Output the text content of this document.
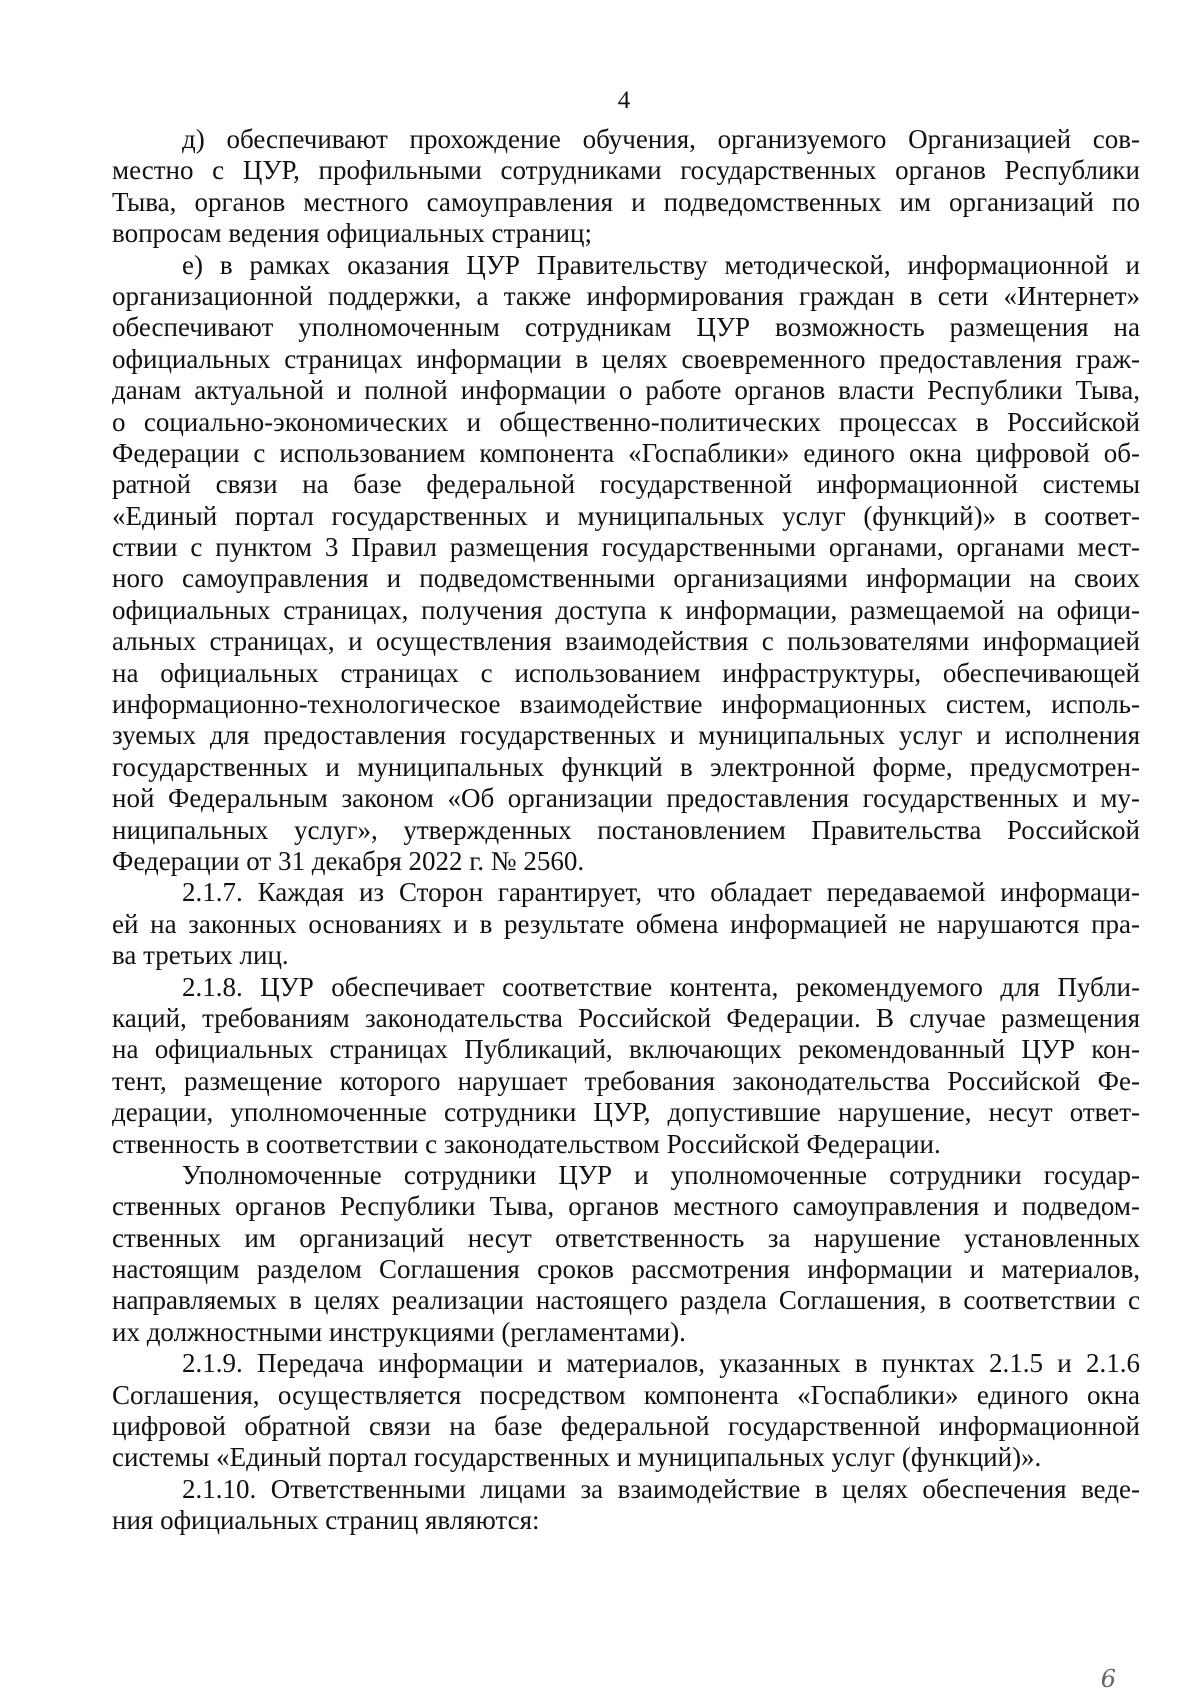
4
д) обеспечивают прохождение обучения, организуемого Организацией сов-
местно с ЦУР, профильными сотрудниками государственных органов Республики
Тыва, органов местного самоуправления и подведомственных им организаций по
вопросам ведения официальных страниц;
е) в рамках оказания ЦУР Правительству методической, информационной и
организационной поддержки, а также информирования граждан в сети «Интернет»
обеспечивают уполномоченным сотрудникам ЦУР возможность размещения на
официальных страницах информации в целях своевременного предоставления граж-
данам актуальной и полной информации о работе органов власти Республики Тыва,
о социально-экономических и общественно-политических процессах в Российской
Федерации с использованием компонента «Госпаблики» единого окна цифровой об-
ратной связи на базе федеральной государственной информационной системы
«Единый портал государственных и муниципальных услуг (функций)» в соответ-
ствии с пунктом 3 Правил размещения государственными органами, органами мест-
ного самоуправления и подведомственными организациями информации на своих
официальных страницах, получения доступа к информации, размещаемой на офици-
альных страницах, и осуществления взаимодействия с пользователями информацией
на официальных страницах с использованием инфраструктуры, обеспечивающей
информационно-технологическое взаимодействие информационных систем, исполь-
зуемых для предоставления государственных и муниципальных услуг и исполнения
государственных и муниципальных функций в электронной форме, предусмотрен-
ной Федеральным законом «Об организации предоставления государственных и му-
ниципальных услуг», утвержденных постановлением Правительства Российской
Федерации от 31 декабря 2022 г. № 2560.
2.1.7. Каждая из Сторон гарантирует, что обладает передаваемой информаци-
ей на законных основаниях и в результате обмена информацией не нарушаются пра-
ва третьих лиц.
2.1.8. ЦУР обеспечивает соответствие контента, рекомендуемого для Публи-
каций, требованиям законодательства Российской Федерации. В случае размещения
на официальных страницах Публикаций, включающих рекомендованный ЦУР кон-
тент, размещение которого нарушает требования законодательства Российской Фе-
дерации, уполномоченные сотрудники ЦУР, допустившие нарушение, несут ответ-
ственность в соответствии с законодательством Российской Федерации.
Уполномоченные сотрудники ЦУР и уполномоченные сотрудники государ-
ственных органов Республики Тыва, органов местного самоуправления и подведом-
ственных им организаций несут ответственность за нарушение установленных
настоящим разделом Соглашения сроков рассмотрения информации и материалов,
направляемых в целях реализации настоящего раздела Соглашения, в соответствии с
их должностными инструкциями (регламентами).
2.1.9. Передача информации и материалов, указанных в пунктах 2.1.5 и 2.1.6
Соглашения, осуществляется посредством компонента «Госпаблики» единого окна
цифровой обратной связи на базе федеральной государственной информационной
системы «Единый портал государственных и муниципальных услуг (функций)».
2.1.10. Ответственными лицами за взаимодействие в целях обеспечения веде-
ния официальных страниц являются:
6
